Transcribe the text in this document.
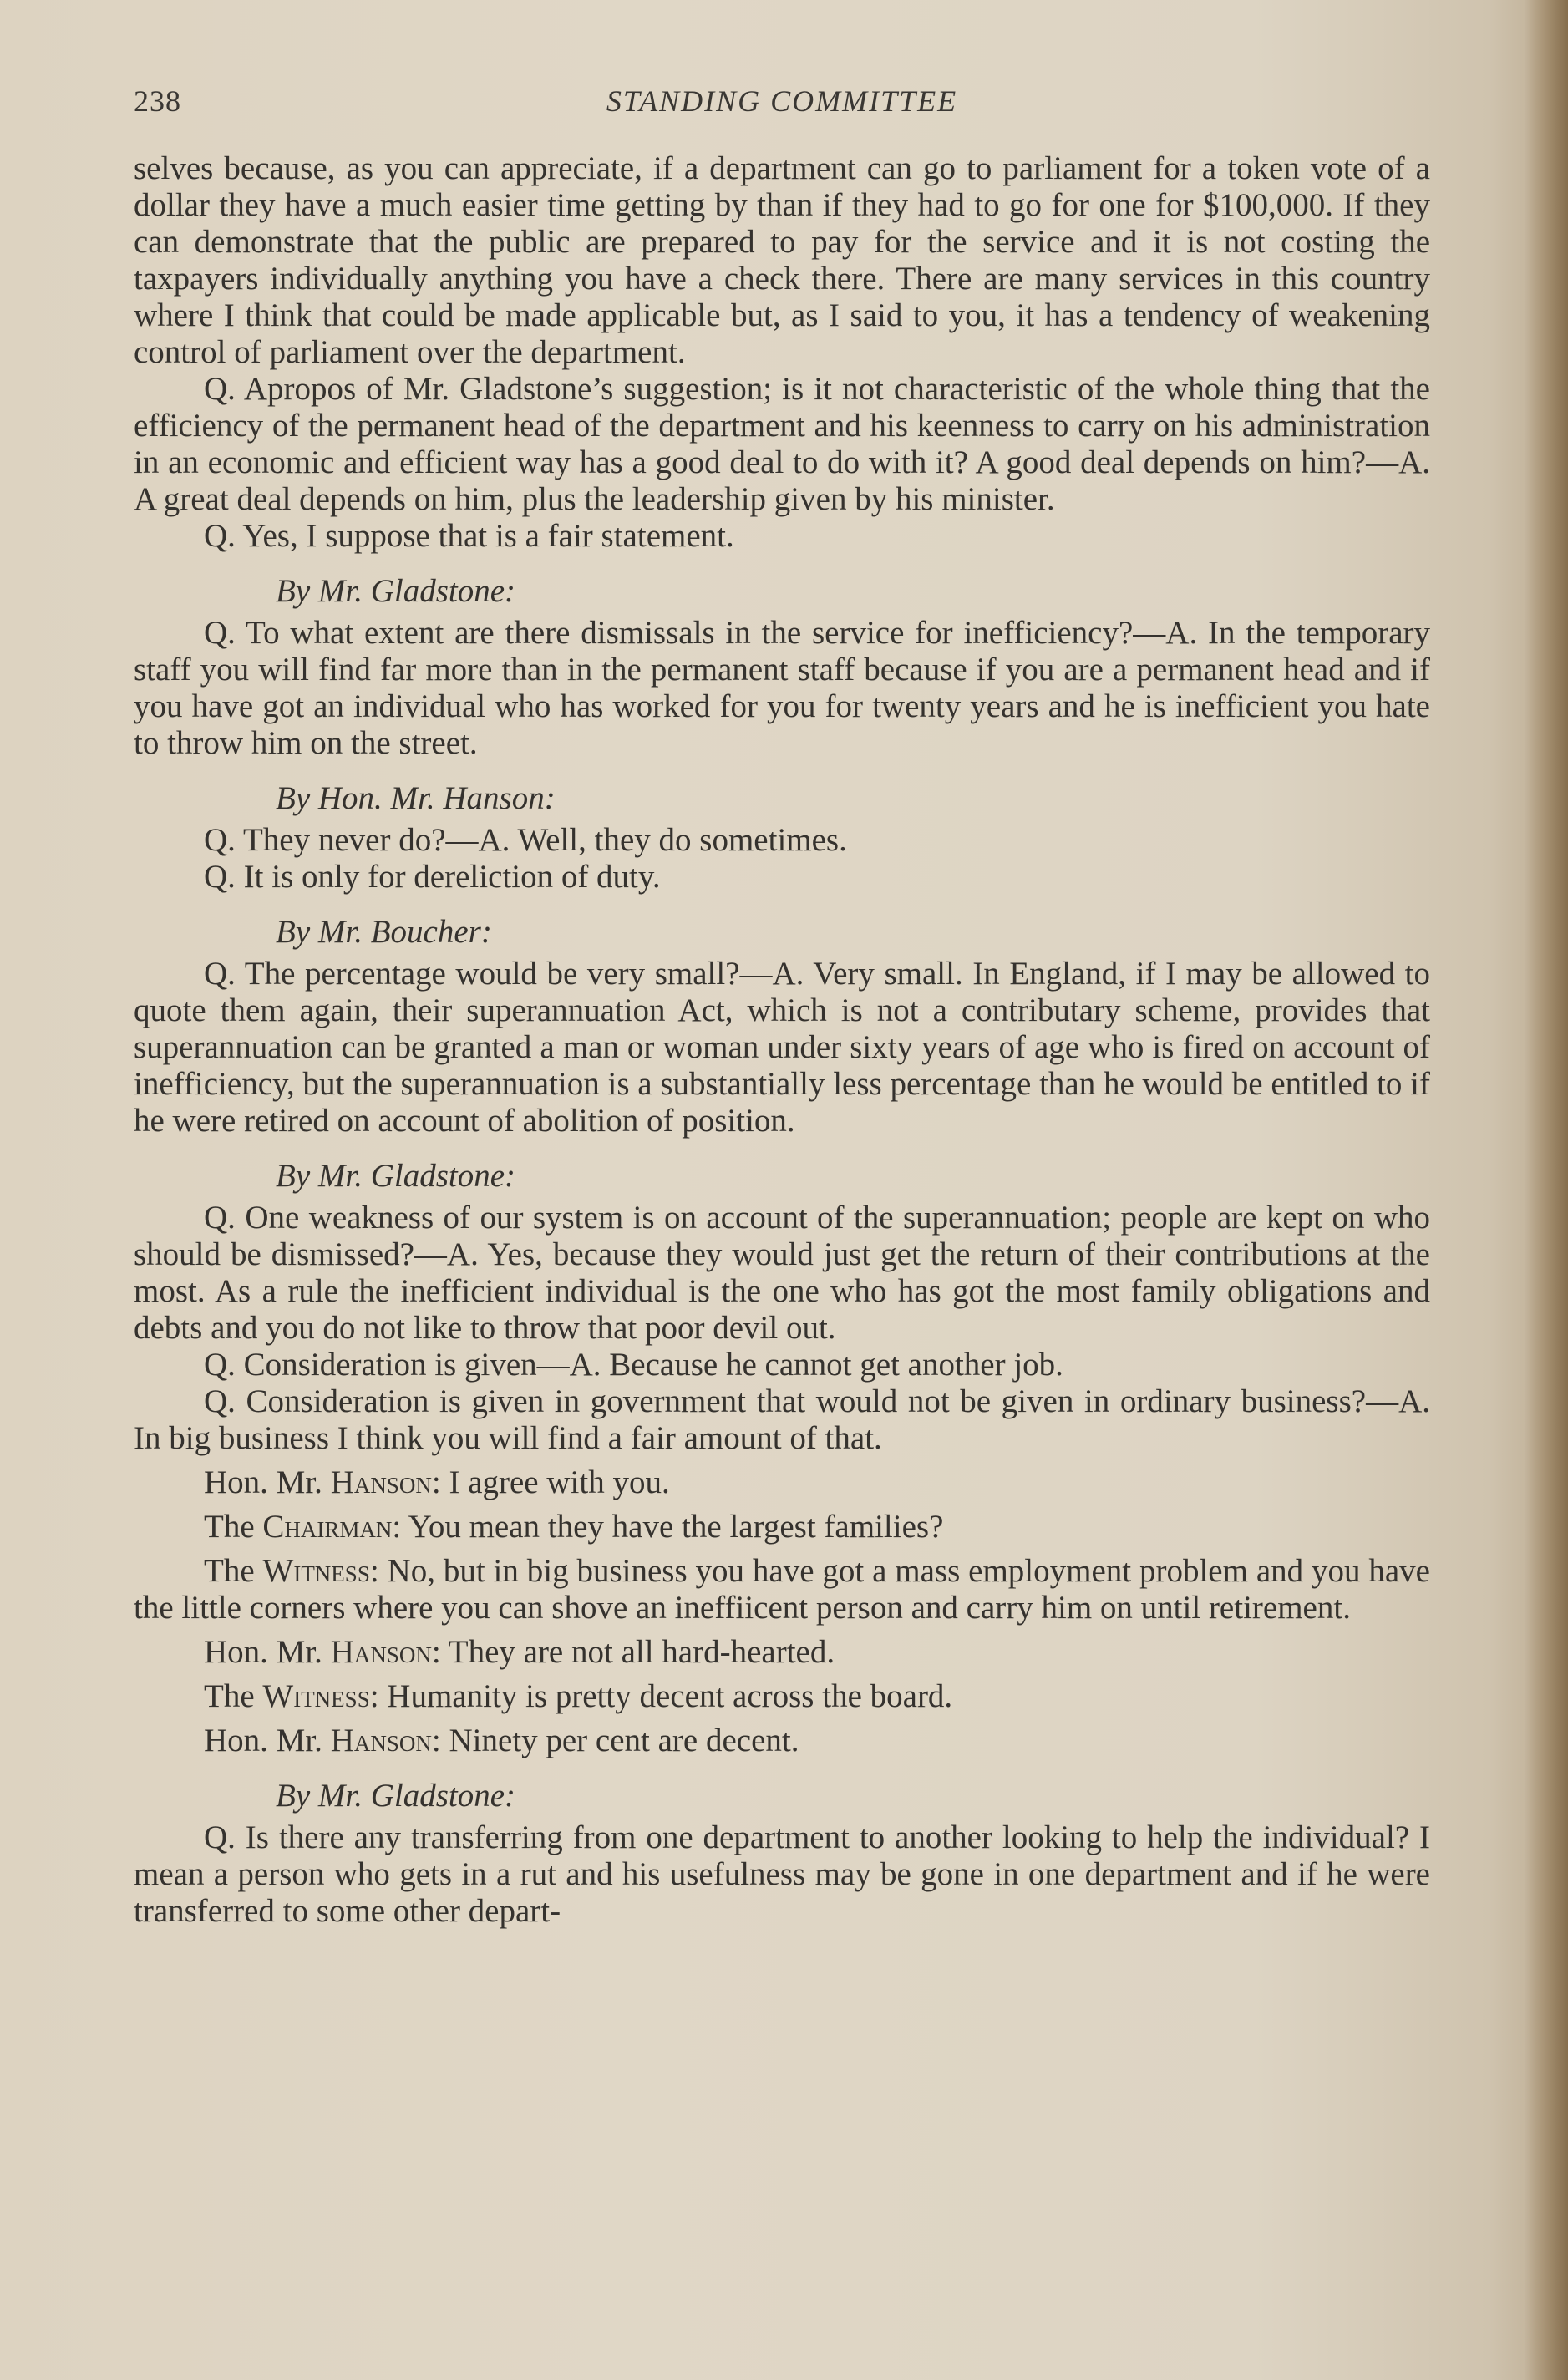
238	STANDING COMMITTEE

selves because, as you can appreciate, if a department can go to parliament for a token vote of a dollar they have a much easier time getting by than if they had to go for one for $100,000. If they can demonstrate that the public are prepared to pay for the service and it is not costing the taxpayers individually anything you have a check there. There are many services in this country where I think that could be made applicable but, as I said to you, it has a tendency of weakening control of parliament over the department.

Q. Apropos of Mr. Gladstone’s suggestion; is it not characteristic of the whole thing that the efficiency of the permanent head of the department and his keenness to carry on his administration in an economic and efficient way has a good deal to do with it? A good deal depends on him?—A. A great deal depends on him, plus the leadership given by his minister.

Q. Yes, I suppose that is a fair statement.

By Mr. Gladstone:

Q. To what extent are there dismissals in the service for inefficiency?—A. In the temporary staff you will find far more than in the permanent staff because if you are a permanent head and if you have got an individual who has worked for you for twenty years and he is inefficient you hate to throw him on the street.

By Hon. Mr. Hanson:

Q. They never do?—A. Well, they do sometimes.

Q. It is only for dereliction of duty.

By Mr. Boucher:

Q. The percentage would be very small?—A. Very small. In England, if I may be allowed to quote them again, their superannuation Act, which is not a contributary scheme, provides that superannuation can be granted a man or woman under sixty years of age who is fired on account of inefficiency, but the superannuation is a substantially less percentage than he would be entitled to if he were retired on account of abolition of position.

By Mr. Gladstone:

Q. One weakness of our system is on account of the superannuation; people are kept on who should be dismissed?—A. Yes, because they would just get the return of their contributions at the most. As a rule the inefficient individual is the one who has got the most family obligations and debts and you do not like to throw that poor devil out.

Q. Consideration is given—A. Because he cannot get another job.

Q. Consideration is given in government that would not be given in ordinary business?—A. In big business I think you will find a fair amount of that.

Hon. Mr. Hanson: I agree with you.

The Chairman: You mean they have the largest families?

The Witness: No, but in big business you have got a mass employment problem and you have the little corners where you can shove an ineffiicent person and carry him on until retirement.

Hon. Mr. Hanson: They are not all hard-hearted.

The Witness: Humanity is pretty decent across the board.

Hon. Mr. Hanson: Ninety per cent are decent.

By Mr. Gladstone:

Q. Is there any transferring from one department to another looking to help the individual? I mean a person who gets in a rut and his usefulness may be gone in one department and if he were transferred to some other depart-
